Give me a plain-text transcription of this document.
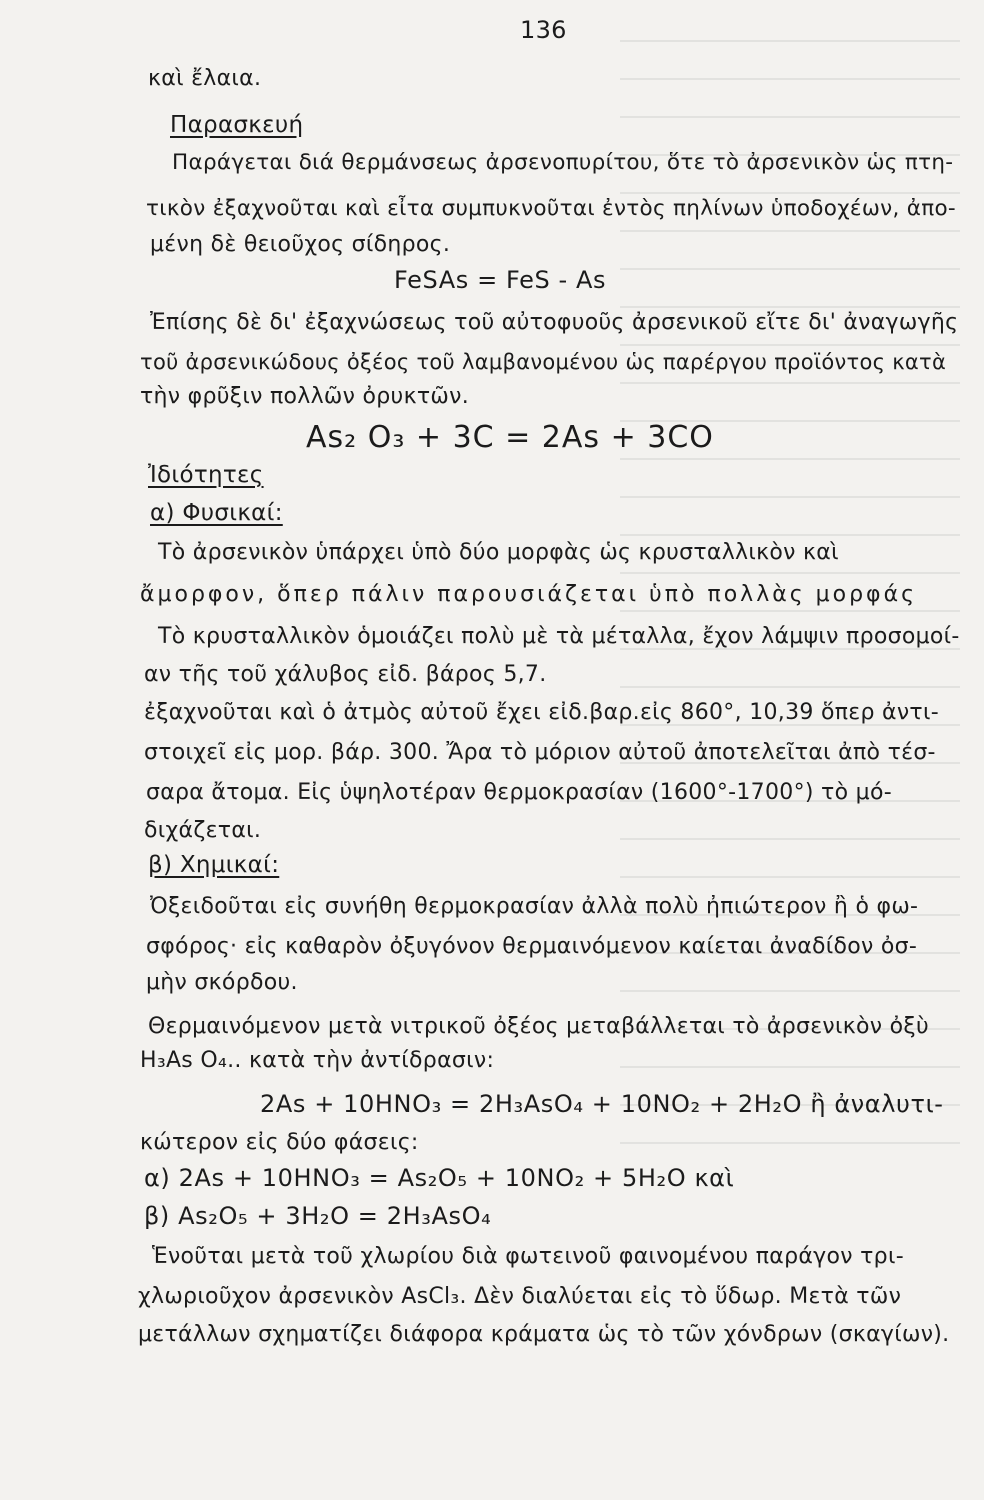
136
καὶ ἔλαια.
Παρασκευή
Παράγεται διά θερμάνσεως ἀρσενοπυρίτου, ὅτε τὸ ἀρσενικὸν ὡς πτη-
τικὸν ἐξαχνοῦται καὶ εἶτα συμπυκνοῦται ἐντὸς πηλίνων ὑποδοχέων, ἀπο-
μένη δὲ θειοῦχος σίδηρος.
FeSAs = FeS - As
Ἐπίσης δὲ δι' ἐξαχνώσεως τοῦ αὐτοφυοῦς ἀρσενικοῦ εἴτε δι' ἀναγωγῆς
τοῦ ἀρσενικώδους ὀξέος τοῦ λαμβανομένου ὡς παρέργου προϊόντος κατὰ
τὴν φρῦξιν πολλῶν ὀρυκτῶν.
As₂ O₃ + 3C = 2As + 3CO
Ἰδιότητες
α) Φυσικαί:
Τὸ ἀρσενικὸν ὑπάρχει ὑπὸ δύο μορφὰς ὡς κρυσταλλικὸν καὶ
ἄμορφον, ὅπερ πάλιν παρουσιάζεται ὑπὸ πολλὰς μορφάς
Τὸ κρυσταλλικὸν ὁμοιάζει πολὺ μὲ τὰ μέταλλα, ἔχον λάμψιν προσομοί-
αν τῆς τοῦ χάλυβος εἰδ. βάρος 5,7.
ἐξαχνοῦται καὶ ὁ ἀτμὸς αὐτοῦ ἔχει εἰδ.βαρ.εἰς 860°, 10,39 ὅπερ ἀντι-
στοιχεῖ εἰς μορ. βάρ. 300. Ἄρα τὸ μόριον αὐτοῦ ἀποτελεῖται ἀπὸ τέσ-
σαρα ἄτομα. Εἰς ὑψηλοτέραν θερμοκρασίαν (1600°-1700°) τὸ μό-
διχάζεται.
β) Χημικαί:
Ὀξειδοῦται εἰς συνήθη θερμοκρασίαν ἀλλὰ πολὺ ἠπιώτερον ἢ ὁ φω-
σφόρος· εἰς καθαρὸν ὀξυγόνον θερμαινόμενον καίεται ἀναδίδον ὀσ-
μὴν σκόρδου.
Θερμαινόμενον μετὰ νιτρικοῦ ὀξέος μεταβάλλεται τὸ ἀρσενικὸν ὀξὺ
H₃As O₄.. κατὰ τὴν ἀντίδρασιν:
2As + 10HNO₃ = 2H₃AsO₄ + 10NO₂ + 2H₂O ἢ ἀναλυτι-
κώτερον εἰς δύο φάσεις:
α) 2As + 10HNO₃ = As₂O₅ + 10NO₂ + 5H₂O καὶ
β) As₂O₅ + 3H₂O = 2H₃AsO₄
Ἑνοῦται μετὰ τοῦ χλωρίου διὰ φωτεινοῦ φαινομένου παράγον τρι-
χλωριοῦχον ἀρσενικὸν AsCl₃. Δὲν διαλύεται εἰς τὸ ὕδωρ. Μετὰ τῶν
μετάλλων σχηματίζει διάφορα κράματα ὡς τὸ τῶν χόνδρων (σκαγίων).
